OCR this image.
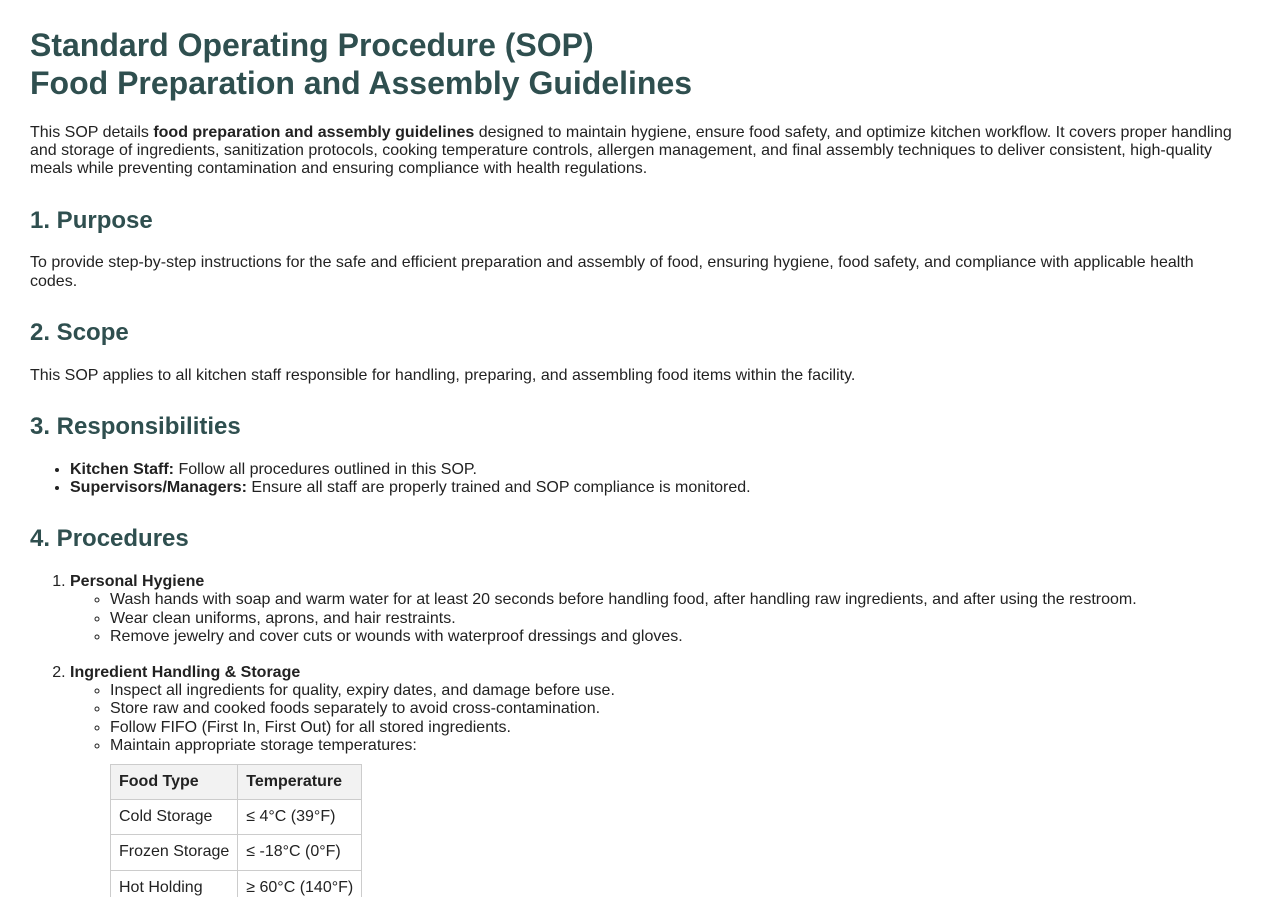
Standard Operating Procedure (SOP)
Food Preparation and Assembly Guidelines

This SOP details food preparation and assembly guidelines designed to maintain hygiene, ensure food safety, and optimize kitchen workflow. It covers proper handling and storage of ingredients, sanitization protocols, cooking temperature controls, allergen management, and final assembly techniques to deliver consistent, high-quality meals while preventing contamination and ensuring compliance with health regulations.

1. Purpose

To provide step-by-step instructions for the safe and efficient preparation and assembly of food, ensuring hygiene, food safety, and compliance with applicable health codes.

2. Scope

This SOP applies to all kitchen staff responsible for handling, preparing, and assembling food items within the facility.

3. Responsibilities
• Kitchen Staff: Follow all procedures outlined in this SOP.
• Supervisors/Managers: Ensure all staff are properly trained and SOP compliance is monitored.
4. Procedures
1. Personal Hygiene
◦ Wash hands with soap and warm water for at least 20 seconds before handling food, after handling raw ingredients, and after using the restroom.
◦ Wear clean uniforms, aprons, and hair restraints.
◦ Remove jewelry and cover cuts or wounds with waterproof dressings and gloves.
2. Ingredient Handling & Storage
◦ Inspect all ingredients for quality, expiry dates, and damage before use.
◦ Store raw and cooked foods separately to avoid cross-contamination.
◦ Follow FIFO (First In, First Out) for all stored ingredients.
◦ Maintain appropriate storage temperatures:
Food Type	Temperature
Cold Storage	≤ 4°C (39°F)
Frozen Storage	≤ -18°C (0°F)
Hot Holding	≥ 60°C (140°F)
